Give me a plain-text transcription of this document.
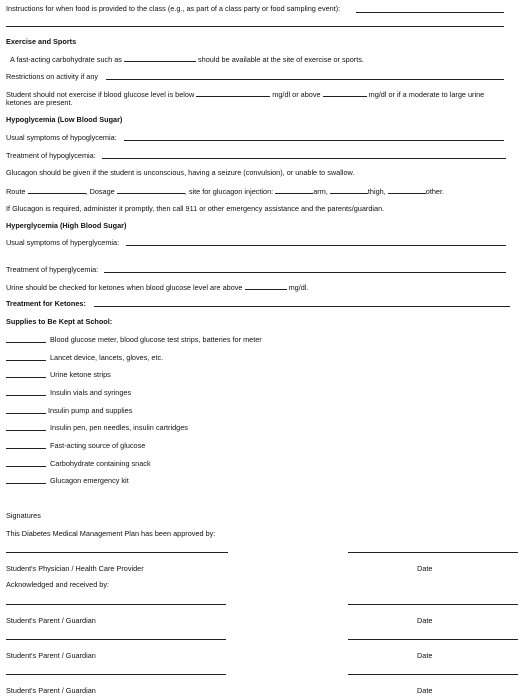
Instructions for when food is provided to the class (e.g., as part of a class party or food sampling event):
Exercise and Sports
A fast-acting carbohydrate such as	should be available at the site of exercise or sports.
Restrictions on activity if any
Student should not exercise if blood glucose level is below	mg/dl or above	mg/dl or if a moderate to large urine
ketones are present.
Hypoglycemia (Low Blood Sugar)
Usual symptoms of hypoglycemia:
Treatment of hypoglycemia:
Glucagon should be given if the student is unconscious, having a seizure (convulsion), or unable to swallow.
Route	, Dosage	, site for glucagon injection:	arm,	thigh,	other.
If Glucagon is required, administer it promptly, then call 911 or other emergency assistance and the parents/guardian.
Hyperglycemia (High Blood Sugar)
Usual symptoms of hyperglycemia:
Treatment of hyperglycemia:
Urine should be checked for ketones when blood glucose level are above	mg/dl.
Treatment for Ketones:
Supplies to Be Kept at School:
Blood glucose meter, blood glucose test strips, batteries for meter
Lancet device, lancets, gloves, etc.
Urine ketone strips
Insulin vials and syringes
Insulin pump and supplies
Insulin pen, pen needles, insulin cartridges
Fast-acting source of glucose
Carbohydrate containing snack
Glucagon emergency kit
Signatures
This Diabetes Medical Management Plan has been approved by:
Student's Physician / Health Care Provider	Date
Acknowledged and received by:
Student's Parent / Guardian	Date
Student's Parent / Guardian	Date
Student's Parent / Guardian	Date
